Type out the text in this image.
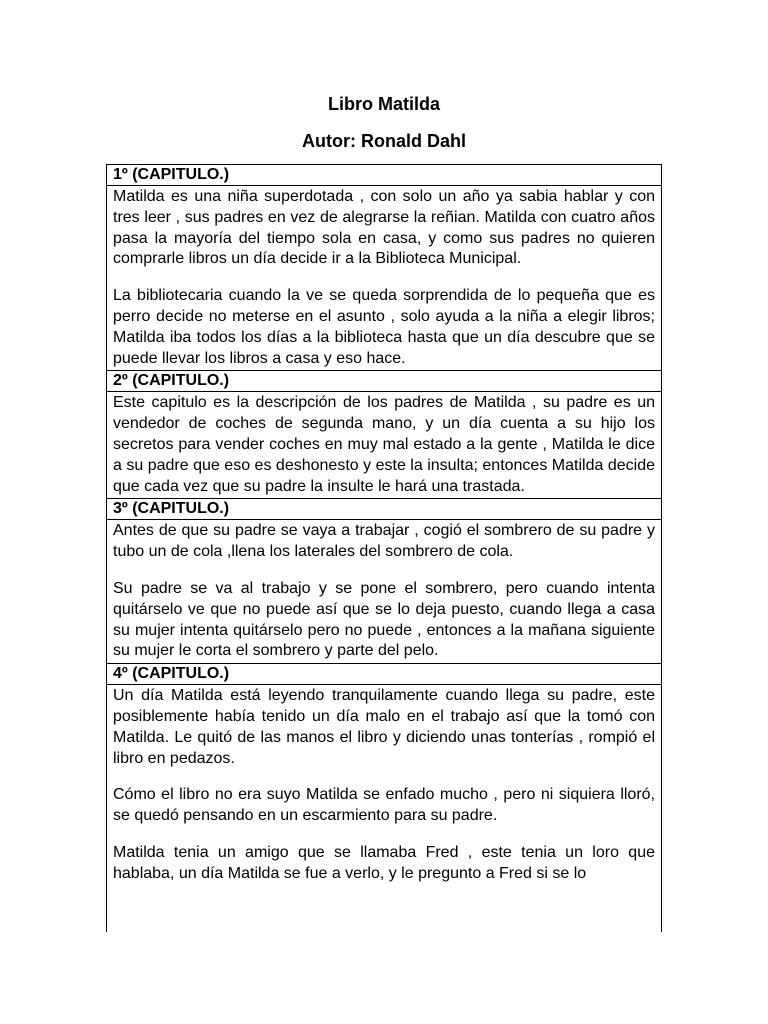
Libro Matilda
Autor: Ronald Dahl
1º (CAPITULO.)

Matilda es una niña superdotada , con solo un año ya sabia hablar y con tres leer , sus padres en vez de alegrarse la reñian. Matilda con cuatro años pasa la mayoría del tiempo sola en casa, y como sus padres no quieren comprarle libros un día decide ir a la Biblioteca Municipal.

La bibliotecaria cuando la ve se queda sorprendida de lo pequeña que es perro decide no meterse en el asunto , solo ayuda a la niña a elegir libros; Matilda iba todos los días a la biblioteca hasta que un día descubre que se puede llevar los libros a casa y eso hace.

2º (CAPITULO.)

Este capitulo es la descripción de los padres de Matilda , su padre es un vendedor de coches de segunda mano, y un día cuenta a su hijo los secretos para vender coches en muy mal estado a la gente , Matilda le dice a su padre que eso es deshonesto y este la insulta; entonces Matilda decide que cada vez que su padre la insulte le hará una trastada.

3º (CAPITULO.)

Antes de que su padre se vaya a trabajar , cogió el sombrero de su padre y tubo un de cola ,llena los laterales del sombrero de cola.

Su padre se va al trabajo y se pone el sombrero, pero cuando intenta quitárselo ve que no puede así que se lo deja puesto, cuando llega a casa su mujer intenta quitárselo pero no puede , entonces a la mañana siguiente su mujer le corta el sombrero y parte del pelo.

4º (CAPITULO.)

Un día Matilda está leyendo tranquilamente cuando llega su padre, este posiblemente había tenido un día malo en el trabajo así que la tomó con Matilda. Le quitó de las manos el libro y diciendo unas tonterías , rompió el libro en pedazos.

Cómo el libro no era suyo Matilda se enfado mucho , pero ni siquiera lloró, se quedó pensando en un escarmiento para su padre.

Matilda tenia un amigo que se llamaba Fred , este tenia un loro que hablaba, un día Matilda se fue a verlo, y le pregunto a Fred si se lo
